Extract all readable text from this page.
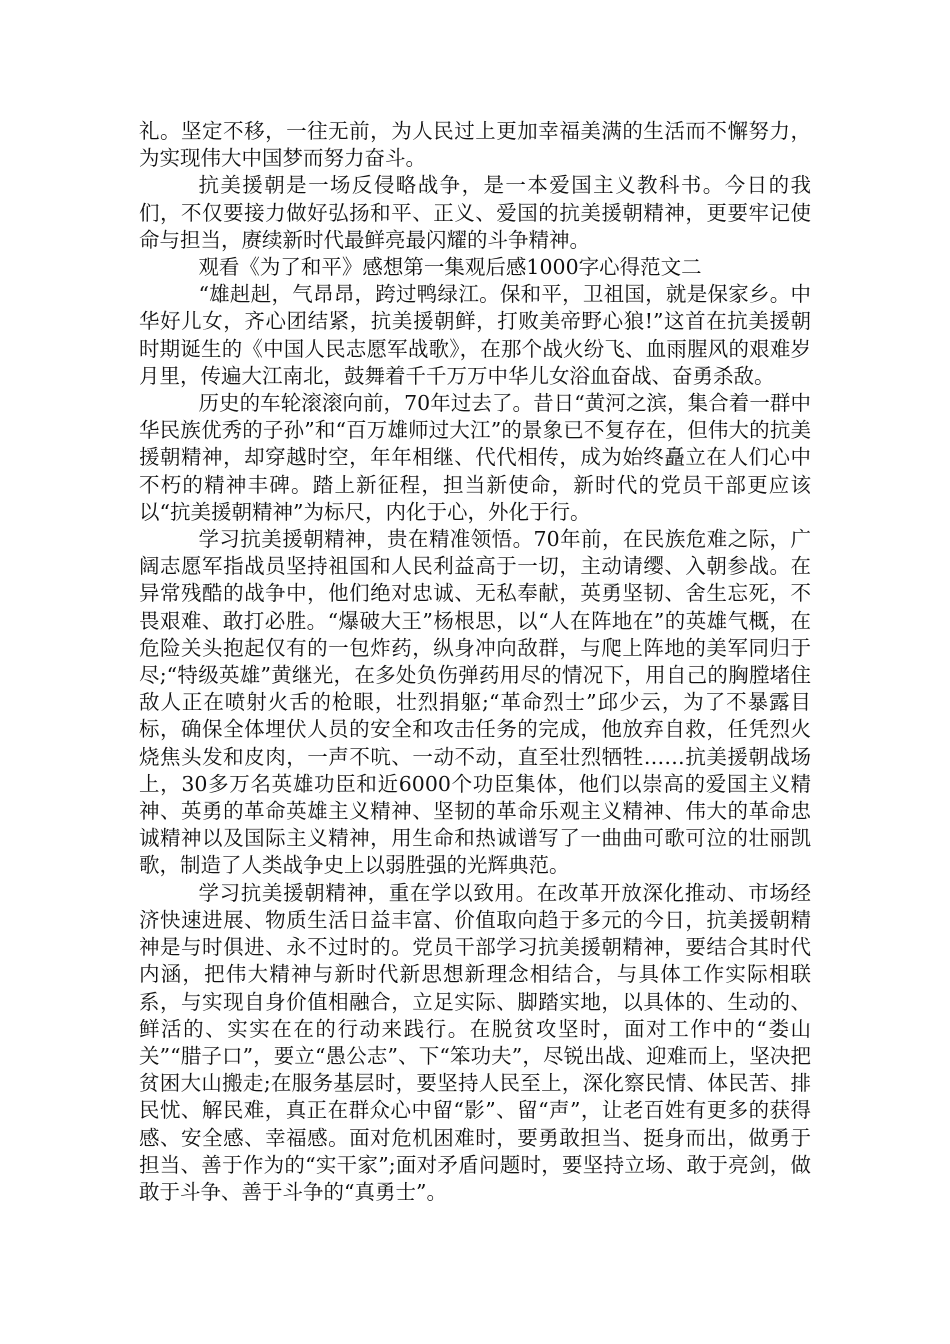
礼。坚定不移，一往无前，为人民过上更加幸福美满的生活而不懈努力，为实现伟大中国梦而努力奋斗。

抗美援朝是一场反侵略战争，是一本爱国主义教科书。今日的我们，不仅要接力做好弘扬和平、正义、爱国的抗美援朝精神，更要牢记使命与担当，赓续新时代最鲜亮最闪耀的斗争精神。

观看《为了和平》感想第一集观后感1000字心得范文二

“雄赳赳，气昂昂，跨过鸭绿江。保和平，卫祖国，就是保家乡。中华好儿女，齐心团结紧，抗美援朝鲜，打败美帝野心狼!”这首在抗美援朝时期诞生的《中国人民志愿军战歌》，在那个战火纷飞、血雨腥风的艰难岁月里，传遍大江南北，鼓舞着千千万万中华儿女浴血奋战、奋勇杀敌。

历史的车轮滚滚向前，70年过去了。昔日“黄河之滨，集合着一群中华民族优秀的子孙”和“百万雄师过大江”的景象已不复存在，但伟大的抗美援朝精神，却穿越时空，年年相继、代代相传，成为始终矗立在人们心中不朽的精神丰碑。踏上新征程，担当新使命，新时代的党员干部更应该以“抗美援朝精神”为标尺，内化于心，外化于行。

学习抗美援朝精神，贵在精准领悟。70年前，在民族危难之际，广阔志愿军指战员坚持祖国和人民利益高于一切，主动请缨、入朝参战。在异常残酷的战争中，他们绝对忠诚、无私奉献，英勇坚韧、舍生忘死，不畏艰难、敢打必胜。“爆破大王”杨根思，以“人在阵地在”的英雄气概，在危险关头抱起仅有的一包炸药，纵身冲向敌群，与爬上阵地的美军同归于尽;“特级英雄”黄继光，在多处负伤弹药用尽的情况下，用自己的胸膛堵住敌人正在喷射火舌的枪眼，壮烈捐躯;“革命烈士”邱少云，为了不暴露目标，确保全体埋伏人员的安全和攻击任务的完成，他放弃自救，任凭烈火烧焦头发和皮肉，一声不吭、一动不动，直至壮烈牺牲……抗美援朝战场上，30多万名英雄功臣和近6000个功臣集体，他们以崇高的爱国主义精神、英勇的革命英雄主义精神、坚韧的革命乐观主义精神、伟大的革命忠诚精神以及国际主义精神，用生命和热诚谱写了一曲曲可歌可泣的壮丽凯歌，制造了人类战争史上以弱胜强的光辉典范。

学习抗美援朝精神，重在学以致用。在改革开放深化推动、市场经济快速进展、物质生活日益丰富、价值取向趋于多元的今日，抗美援朝精神是与时俱进、永不过时的。党员干部学习抗美援朝精神，要结合其时代内涵，把伟大精神与新时代新思想新理念相结合，与具体工作实际相联系，与实现自身价值相融合，立足实际、脚踏实地，以具体的、生动的、鲜活的、实实在在的行动来践行。在脱贫攻坚时，面对工作中的“娄山关”“腊子口”，要立“愚公志”、下“笨功夫”，尽锐出战、迎难而上，坚决把贫困大山搬走;在服务基层时，要坚持人民至上，深化察民情、体民苦、排民忧、解民难，真正在群众心中留“影”、留“声”，让老百姓有更多的获得感、安全感、幸福感。面对危机困难时，要勇敢担当、挺身而出，做勇于担当、善于作为的“实干家”;面对矛盾问题时，要坚持立场、敢于亮剑，做敢于斗争、善于斗争的“真勇士”。
